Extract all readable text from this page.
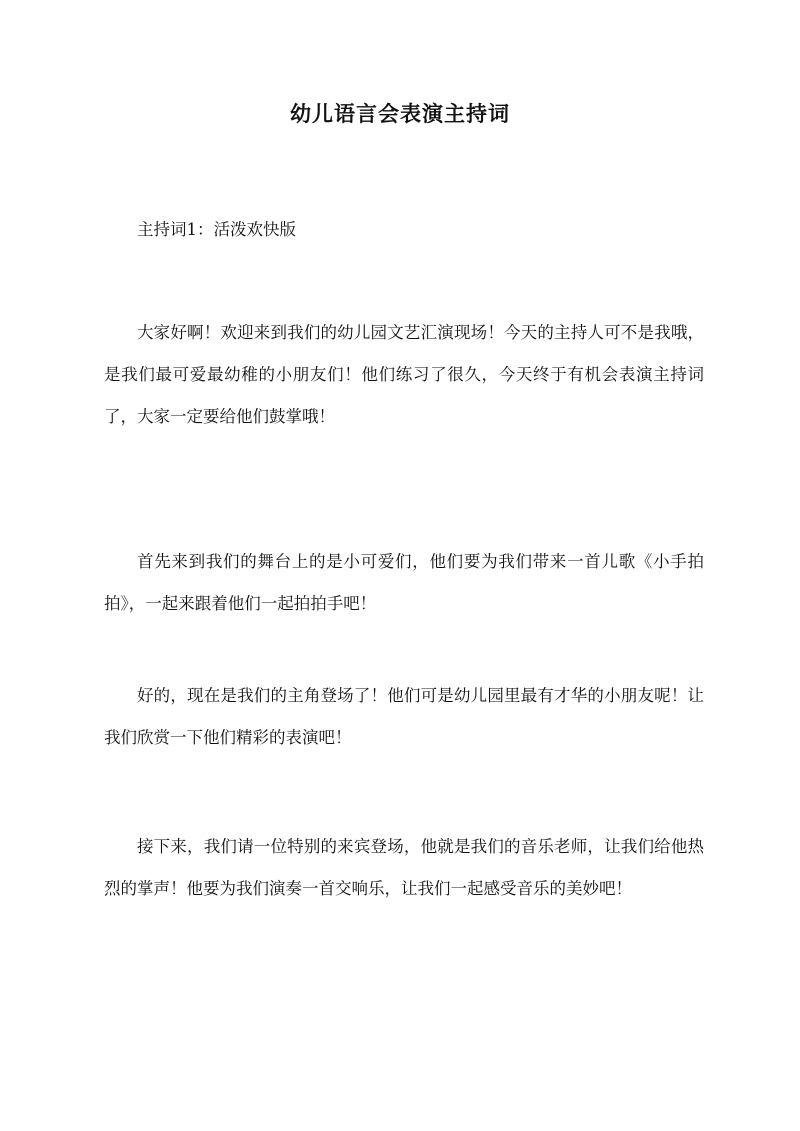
幼儿语言会表演主持词
主持词1：活泼欢快版

大家好啊！欢迎来到我们的幼儿园文艺汇演现场！今天的主持人可不是我哦，是我们最可爱最幼稚的小朋友们！他们练习了很久，今天终于有机会表演主持词了，大家一定要给他们鼓掌哦！

首先来到我们的舞台上的是小可爱们，他们要为我们带来一首儿歌《小手拍拍》，一起来跟着他们一起拍拍手吧！

好的，现在是我们的主角登场了！他们可是幼儿园里最有才华的小朋友呢！让我们欣赏一下他们精彩的表演吧！

接下来，我们请一位特别的来宾登场，他就是我们的音乐老师，让我们给他热烈的掌声！他要为我们演奏一首交响乐，让我们一起感受音乐的美妙吧！
